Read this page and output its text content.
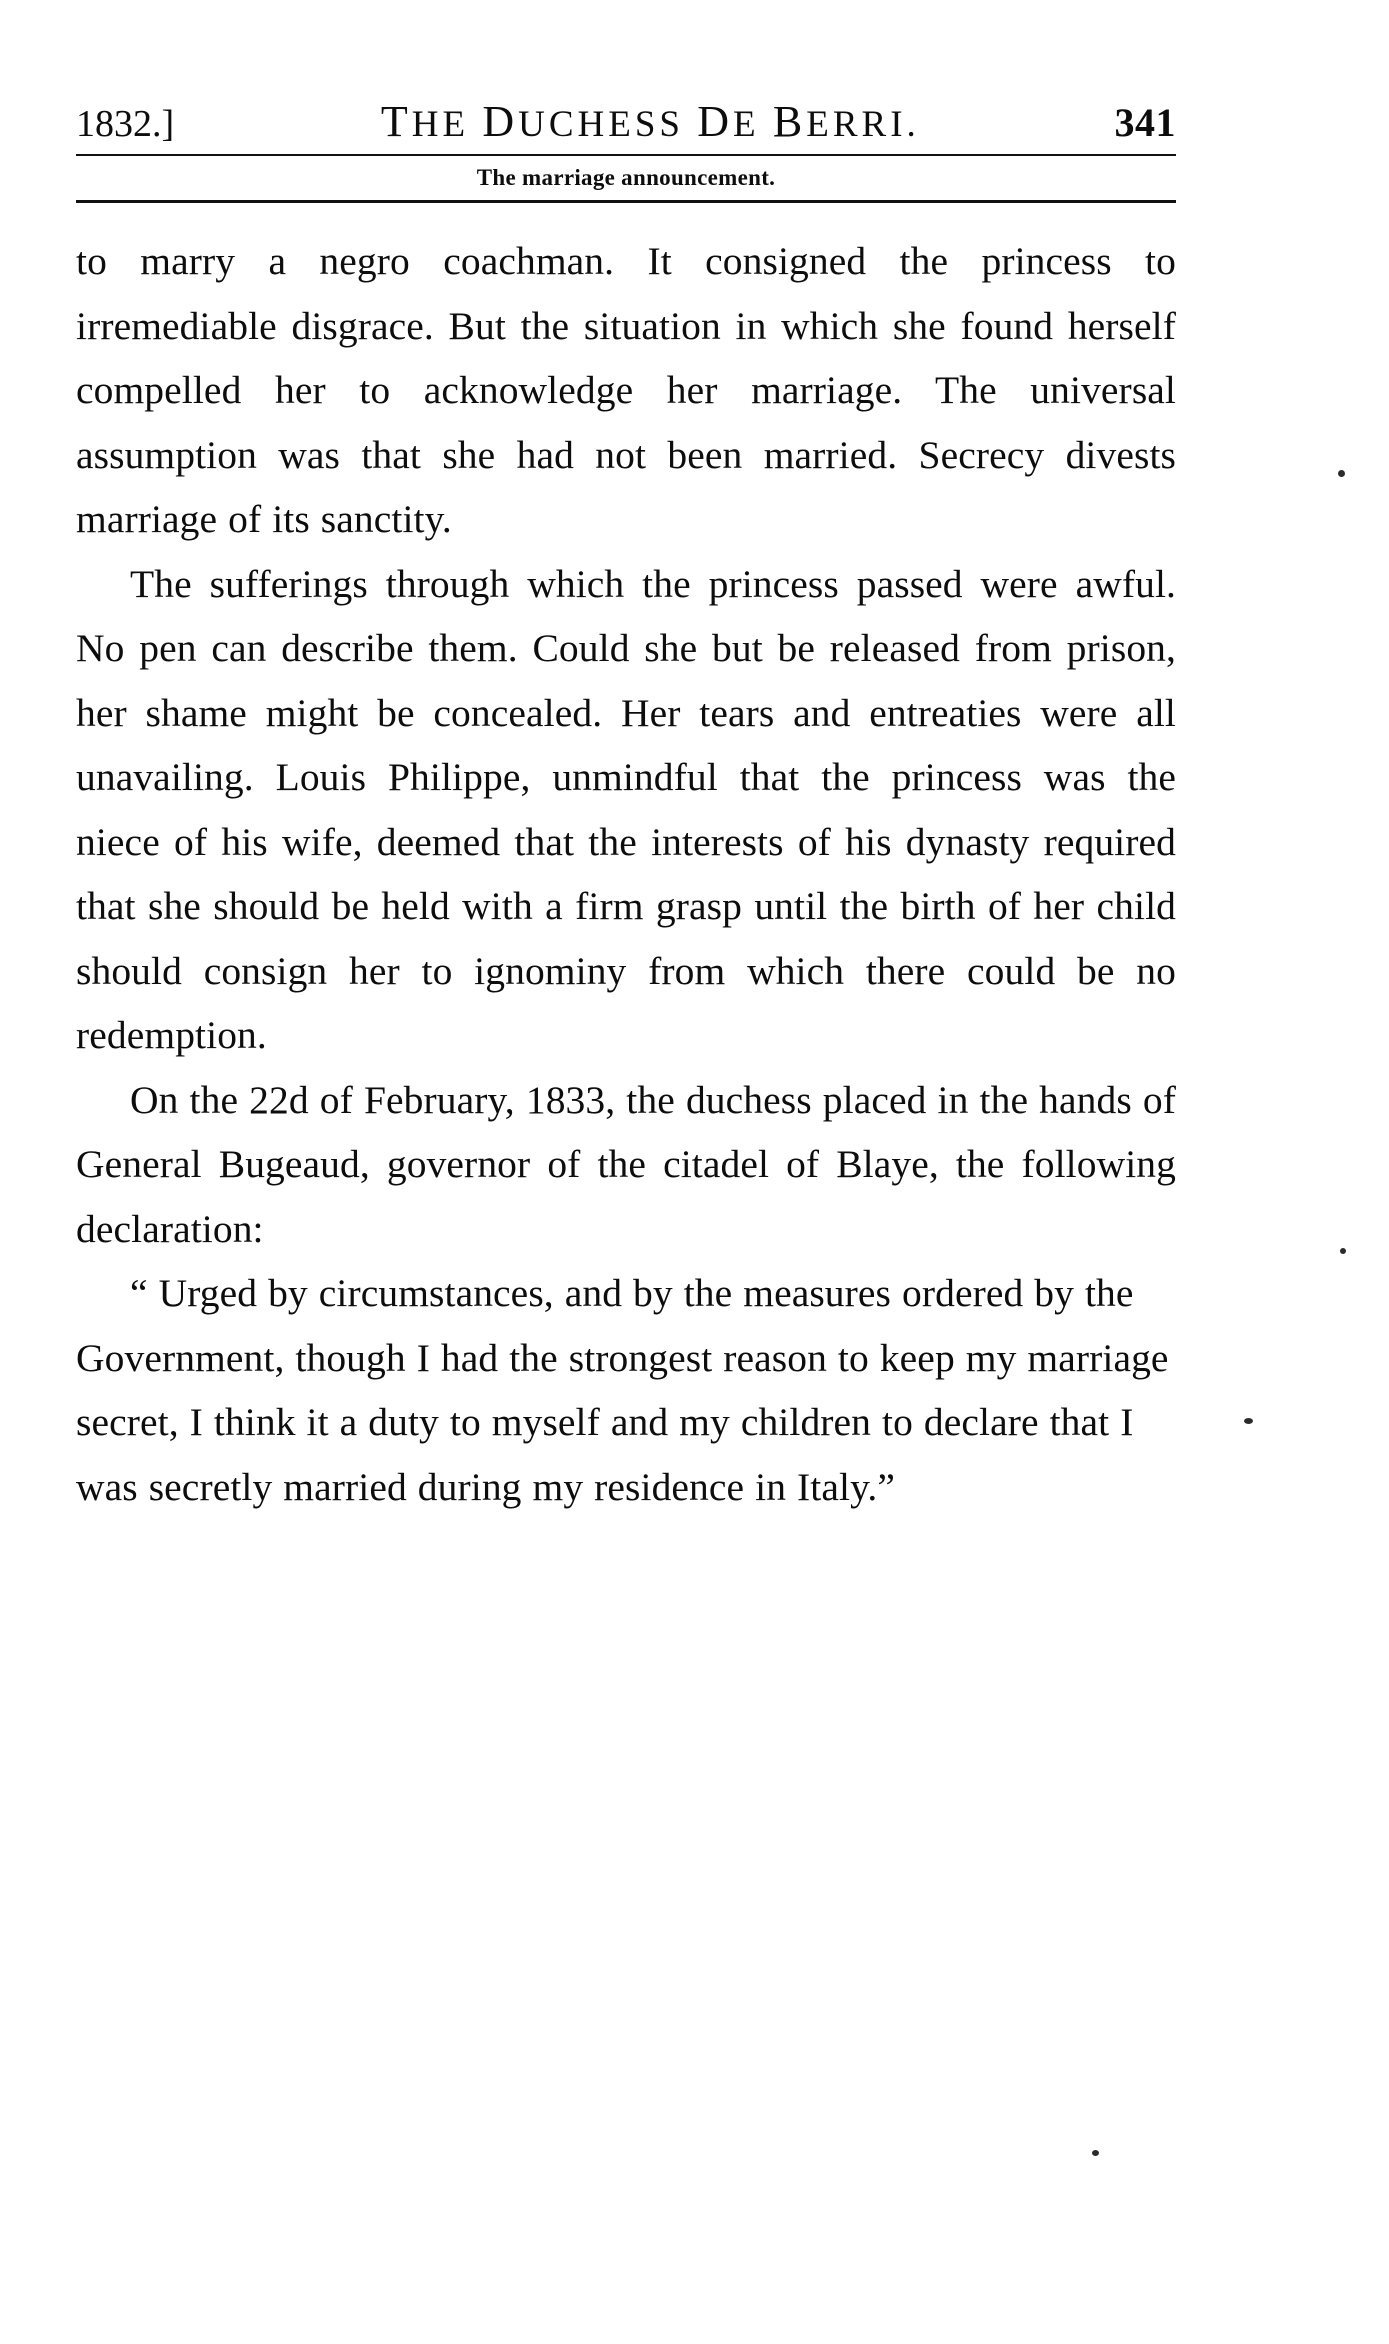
1832.]	THE DUCHESS DE BERRI.	341
The marriage announcement.

to marry a negro coachman. It consigned the princess to irremediable disgrace. But the situation in which she found herself compelled her to acknowledge her marriage. The universal assumption was that she had not been married. Secrecy divests marriage of its sanctity.

The sufferings through which the princess passed were awful. No pen can describe them. Could she but be released from prison, her shame might be concealed. Her tears and entreaties were all unavailing. Louis Philippe, unmindful that the princess was the niece of his wife, deemed that the interests of his dynasty required that she should be held with a firm grasp until the birth of her child should consign her to ignominy from which there could be no redemption.

On the 22d of February, 1833, the duchess placed in the hands of General Bugeaud, governor of the citadel of Blaye, the following declaration:

“ Urged by circumstances, and by the measures ordered by the Government, though I had the strongest reason to keep my marriage secret, I think it a duty to myself and my children to declare that I was secretly married during my residence in Italy.”
